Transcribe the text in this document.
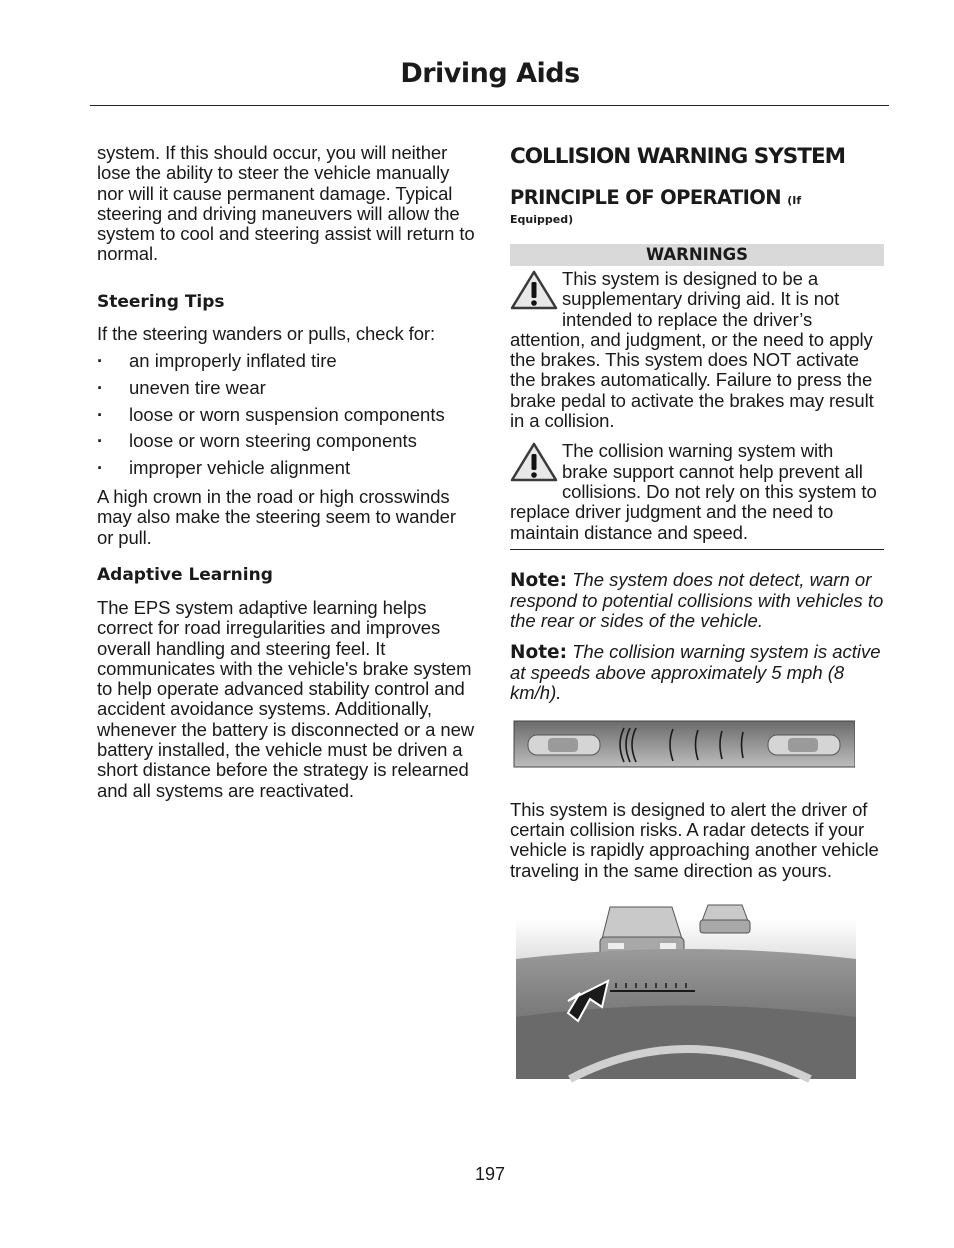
Driving Aids

system. If this should occur, you will neither lose the ability to steer the vehicle manually nor will it cause permanent damage. Typical steering and driving maneuvers will allow the system to cool and steering assist will return to normal.

Steering Tips

If the steering wanders or pulls, check for:

· an improperly inflated tire
· uneven tire wear
· loose or worn suspension components
· loose or worn steering components
· improper vehicle alignment

A high crown in the road or high crosswinds may also make the steering seem to wander or pull.

Adaptive Learning

The EPS system adaptive learning helps correct for road irregularities and improves overall handling and steering feel. It communicates with the vehicle's brake system to help operate advanced stability control and accident avoidance systems. Additionally, whenever the battery is disconnected or a new battery installed, the vehicle must be driven a short distance before the strategy is relearned and all systems are reactivated.

COLLISION WARNING SYSTEM
PRINCIPLE OF OPERATION (If
Equipped)
WARNINGS

This system is designed to be a supplementary driving aid. It is not intended to replace the driver’s attention, and judgment, or the need to apply the brakes. This system does NOT activate the brakes automatically. Failure to press the brake pedal to activate the brakes may result in a collision.

The collision warning system with brake support cannot help prevent all collisions. Do not rely on this system to replace driver judgment and the need to maintain distance and speed.

Note: The system does not detect, warn or respond to potential collisions with vehicles to the rear or sides of the vehicle.

Note: The collision warning system is active at speeds above approximately 5 mph (8 km/h).

This system is designed to alert the driver of certain collision risks. A radar detects if your vehicle is rapidly approaching another vehicle traveling in the same direction as yours.

197
